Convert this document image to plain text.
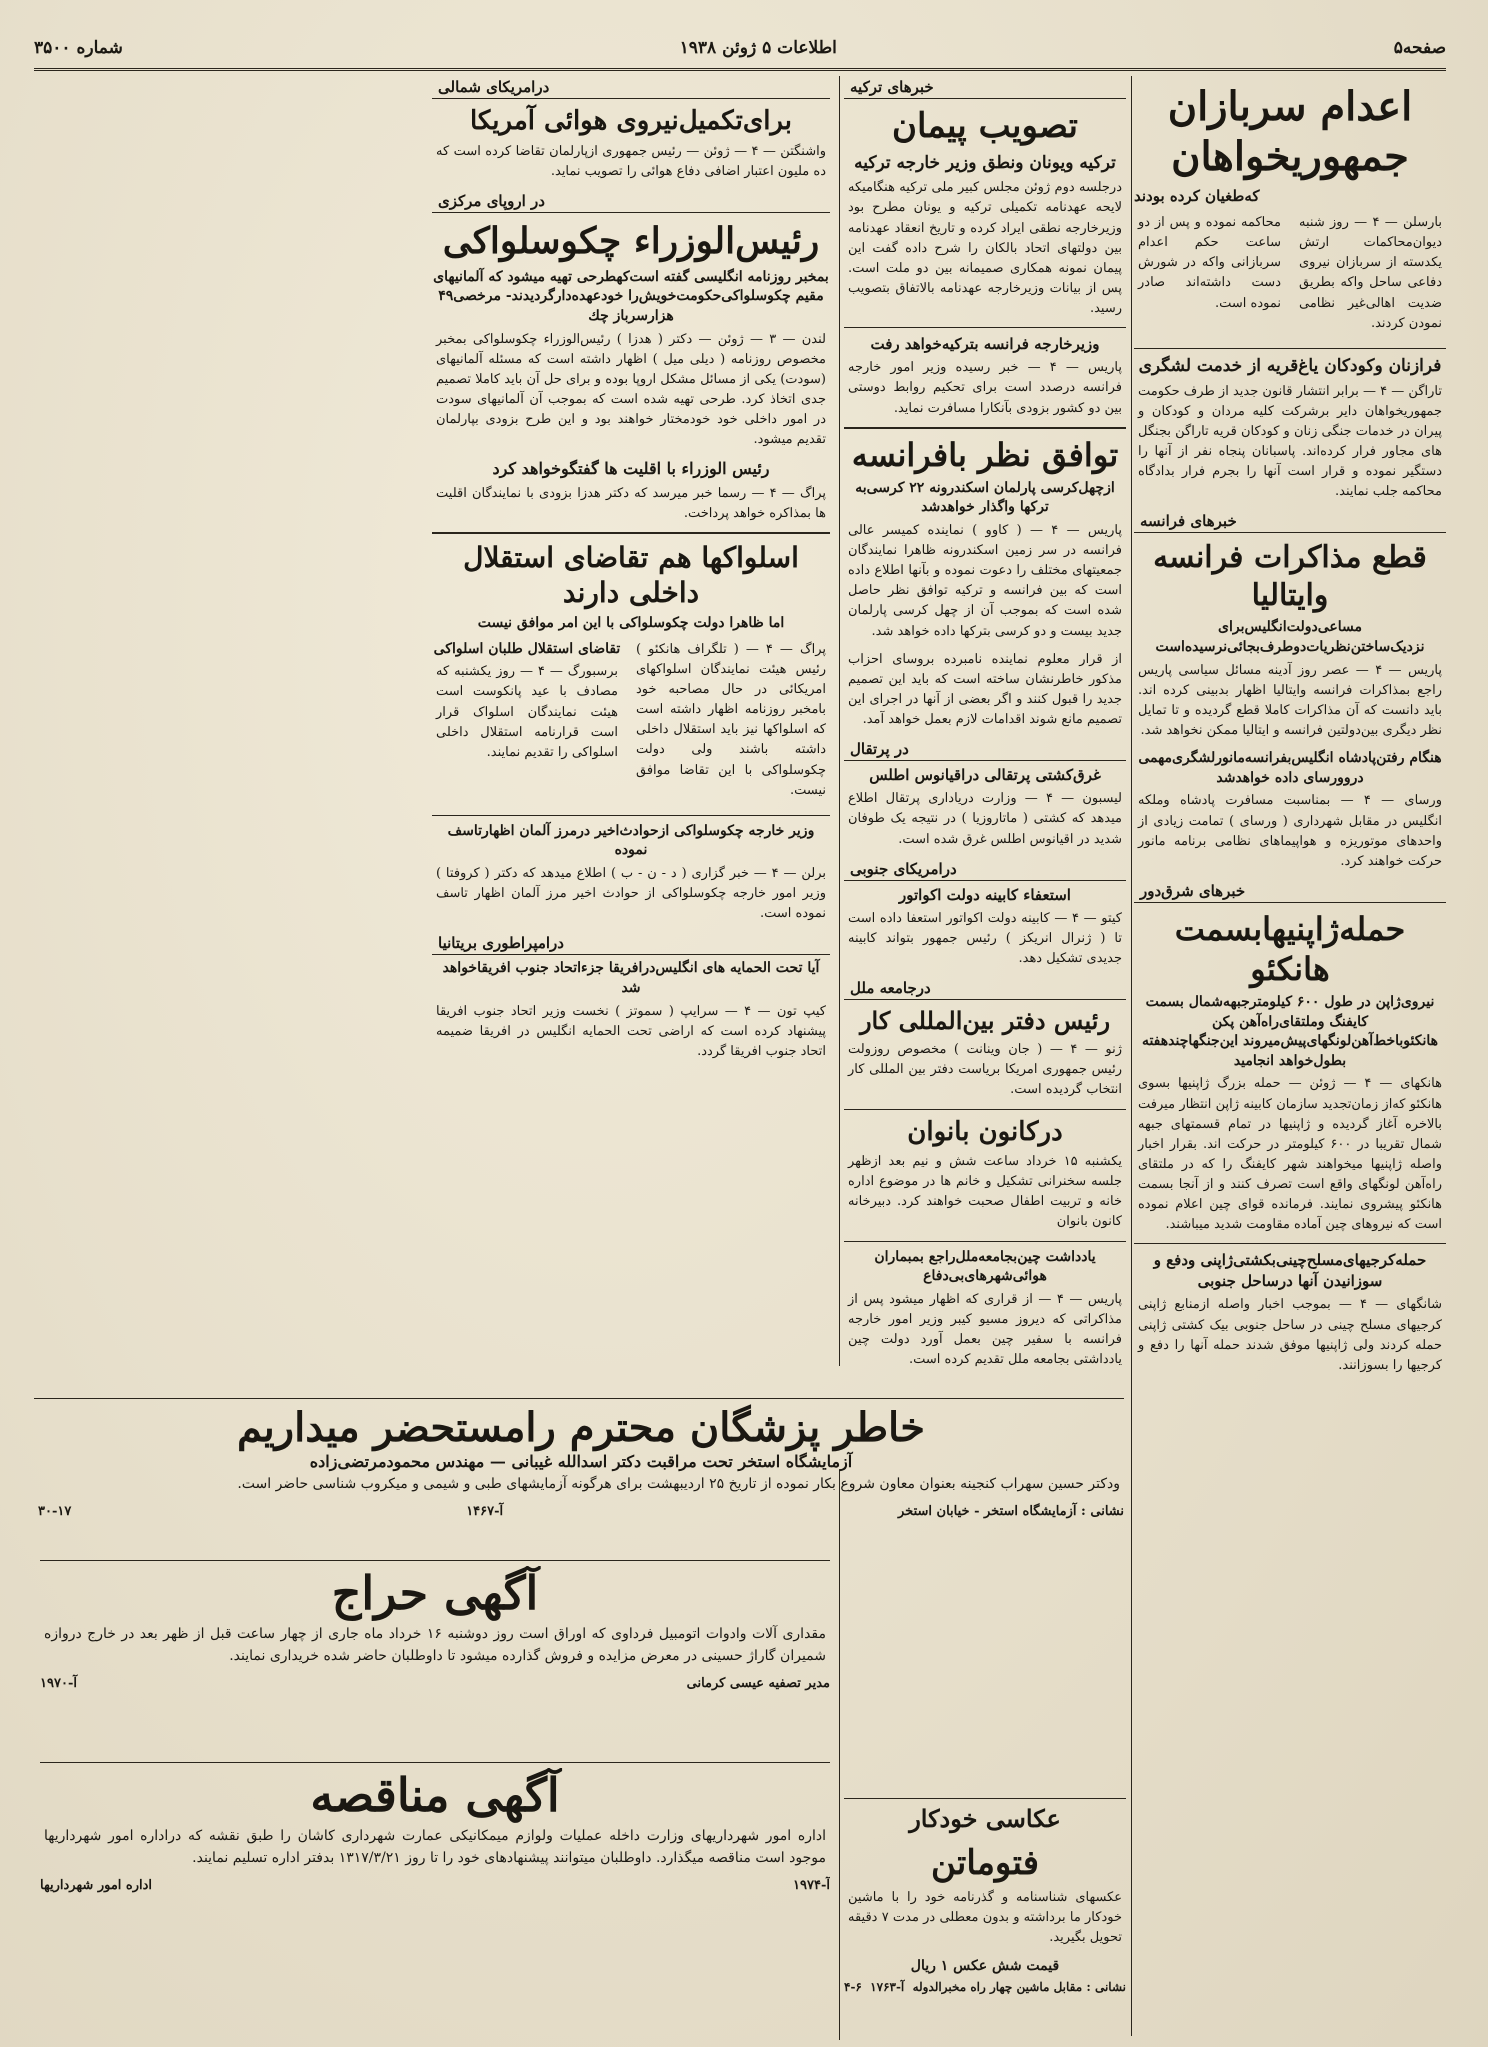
صفحه۵
اطلاعات ۵ ژوئن ۱۹۳۸
شماره ۳۵۰۰
اعدام سربازان جمهوریخواهان
که‌طغیان کرده بودند
بارسلن — ۴ — روز شنبه دیوان‌محاکمات ارتش یکدسته از سربازان نیروی دفاعی ساحل واکه بطریق ضدیت اهالی‌غیر نظامی نمودن کردند.
محاکمه نموده و پس از دو ساعت حکم اعدام سربازانی واکه در شورش دست داشته‌اند صادر نموده است.
فرازنان وکودکان یاغ‌قریه از خدمت لشگری
تاراگن — ۴ — برابر انتشار قانون جدید از طرف حکومت جمهوریخواهان دایر برشرکت کلیه مردان و کودکان و پیران در خدمات جنگی زنان و کودکان قریه تاراگن بجنگل های مجاور فرار کرده‌اند. پاسبانان پنجاه نفر از آنها را دستگیر نموده و قرار است آنها را بجرم فرار بدادگاه محاکمه جلب نمایند.
خبرهای فرانسه
قطع مذاکرات فرانسه وایتالیا
مساعی‌دولت‌انگلیس‌برای نزدیک‌ساختن‌نظریات‌دوطرف‌بجائی‌نرسیده‌است
پاریس — ۴ — عصر روز آدینه مسائل سیاسی پاریس راجع بمذاکرات فرانسه وایتالیا اظهار بدبینی کرده اند. باید دانست که آن مذاکرات کاملا قطع گردیده و تا تمایل نظر دیگری بین‌دولتین فرانسه و ایتالیا ممکن نخواهد شد.
هنگام رفتن‌پادشاه انگلیس‌بفرانسه‌مانورلشگری‌مهمی دروورسای داده خواهدشد
ورسای — ۴ — بمناسبت مسافرت پادشاه وملکه انگلیس در مقابل شهرداری ( ورسای ) تمامت زیادی از واحدهای موتوریزه و هواپیماهای نظامی برنامه مانور حرکت خواهند کرد.
خبرهای شرق‌دور
حمله‌ژاپنیهابسمت هانکئو
نیروی‌ژاپن در طول ۶۰۰ کیلومترجبهه‌شمال بسمت کایفنگ وملتقای‌راه‌آهن پکن هانکئو‌باخط‌آهن‌لونگهای‌پیش‌میروند این‌جنگها‌چندهفته بطول‌خواهد انجامید
هانکهای — ۴ — ژوئن — حمله بزرگ ژاپنیها بسوی هانکئو که‌از زمان‌تجدید سازمان کابینه ژاپن انتظار میرفت بالاخره آغاز گردیده و ژاپنیها در تمام قسمتهای جبهه شمال تقریبا در ۶۰۰ کیلومتر در حرکت اند. بقرار اخبار واصله ژاپنیها میخواهند شهر کایفنگ را که در ملتقای راه‌آهن لونگهای واقع است تصرف کنند و از آنجا بسمت هانکئو پیشروی نمایند. فرمانده قوای چین اعلام نموده است که نیروهای چین آماده مقاومت شدید میباشند.
حمله‌کرجیهای‌مسلح‌چینی‌بکشتی‌ژاپنی ودفع و سوزانیدن آنها درساحل جنوبی
شانگهای — ۴ — بموجب اخبار واصله ازمنابع ژاپنی کرجیهای مسلح چینی در ساحل جنوبی بیک کشتی ژاپنی حمله کردند ولی ژاپنیها موفق شدند حمله آنها را دفع و کرجیها را بسوزانند.
خبرهای ترکیه
تصویب پیمان
ترکیه ویونان ونطق وزیر خارجه ترکیه
درجلسه دوم ژوئن مجلس کبیر ملی ترکیه هنگامیکه لایحه عهدنامه تکمیلی ترکیه و یونان مطرح بود وزیرخارجه نطقی ایراد کرده و تاریخ انعقاد عهدنامه بین دولتهای اتحاد بالکان را شرح داده گفت این پیمان نمونه همکاری صمیمانه بین دو ملت است. پس از بیانات وزیرخارجه عهدنامه بالاتفاق بتصویب رسید.
وزیرخارجه فرانسه بترکیه‌خواهد رفت
پاریس — ۴ — خبر رسیده وزیر امور خارجه فرانسه درصدد است برای تحکیم روابط دوستی بین دو کشور بزودی بآنکارا مسافرت نماید.
توافق نظر بافرانسه
ازچهل‌کرسی پارلمان اسکندرونه ۲۲ کرسی‌به ترکها واگذار خواهدشد
پاریس — ۴ — ( کاوو ) نماینده کمیسر عالی فرانسه در سر زمین اسکندرونه ظاهرا نمایندگان جمعیتهای مختلف را دعوت نموده و بآنها اطلاع داده است که بین فرانسه و ترکیه توافق نظر حاصل شده است که بموجب آن از چهل کرسی پارلمان جدید بیست و دو کرسی بترکها داده خواهد شد.
از قرار معلوم نماینده نامبرده بروسای احزاب مذکور خاطرنشان ساخته است که باید این تصمیم جدید را قبول کنند و اگر بعضی از آنها در اجرای این تصمیم مانع شوند اقدامات لازم بعمل خواهد آمد.
در پرتقال
غرق‌کشتی پرتقالی دراقیانوس اطلس
لیسبون — ۴ — وزارت دریاداری پرتقال اطلاع میدهد که کشتی ( ماتاروزیا ) در نتیجه یک طوفان شدید در اقیانوس اطلس غرق شده است.
درامریکای جنوبی
استعفاء کابینه دولت اکواتور
کیتو — ۴ — کابینه دولت اکواتور استعفا داده است تا ( ژنرال انریکز ) رئیس جمهور بتواند کابینه جدیدی تشکیل دهد.
درجامعه ملل
رئیس دفتر بین‌المللی کار
ژنو — ۴ — ( جان وینانت ) مخصوص روزولت رئیس جمهوری امریکا بریاست دفتر بین المللی کار انتخاب گردیده است.
درکانون بانوان
یکشنبه ۱۵ خرداد ساعت شش و نیم بعد ازظهر جلسه سخنرانی تشکیل و خانم ها در موضوع اداره خانه و تربیت اطفال صحبت خواهند کرد. دبیرخانه کانون بانوان
یادداشت چین‌بجامعه‌ملل‌راجع بمبماران هوائی‌شهرهای‌بی‌دفاع
پاریس — ۴ — از قراری که اظهار میشود پس از مذاکراتی که دیروز مسیو کیبر وزیر امور خارجه فرانسه با سفیر چین بعمل آورد دولت چین یادداشتی بجامعه ملل تقدیم کرده است.
درامریکای شمالی
برای‌تکمیل‌نیروی هوائی آمریکا
واشنگتن — ۴ — ژوئن — رئیس جمهوری ازپارلمان تقاضا کرده است که ده ملیون اعتبار اضافی دفاع هوائی را تصویب نماید.
در اروپای مرکزی
رئیس‌الوزراء چکوسلواکی
بمخبر روزنامه انگلیسی گفته است‌کهطرحی تهیه میشود که آلمانیهای مقیم چکوسلواکی‌حکومت‌خویش‌را خودعهده‌دارگردیدند- مرخصی۴۹ هزارسرباز چك
لندن — ۳ — ژوئن — دکتر ( هدزا ) رئیس‌الوزراء چکوسلواکی بمخبر مخصوص روزنامه ( دیلی میل ) اظهار داشته است که مسئله آلمانیهای (سودت) یکی از مسائل مشکل اروپا بوده و برای حل آن باید کاملا تصمیم جدی اتخاذ کرد. طرحی تهیه شده است که بموجب آن آلمانیهای سودت در امور داخلی خود خودمختار خواهند بود و این طرح بزودی بپارلمان تقدیم میشود.
رئیس الوزراء با اقلیت ها گفتگوخواهد کرد
پراگ — ۴ — رسما خبر میرسد که دکتر هدزا بزودی با نمایندگان اقلیت ها بمذاکره خواهد پرداخت.
اسلواکها هم تقاضای استقلال داخلی دارند
اما ظاهرا دولت چکوسلواکی با این امر موافق نیست
پراگ — ۴ — ( تلگراف هانکئو ) رئیس هیئت نمایندگان اسلواکهای امریکائی در حال مصاحبه خود بامخبر روزنامه اظهار داشته است که اسلواکها نیز باید استقلال داخلی داشته باشند ولی دولت چکوسلواکی با این تقاضا موافق نیست.
تقاضای استقلال طلبان اسلواکی
برسبورگ — ۴ — روز یکشنبه که مصادف با عید پانکوست است هیئت نمایندگان اسلواک قرار است قرارنامه استقلال داخلی اسلواکی را تقدیم نمایند.
وزیر خارجه چکوسلواکی ازحوادث‌اخیر درمرز آلمان اظهارتاسف نموده
برلن — ۴ — خبر گزاری ( د - ن - ب ) اطلاع میدهد که دکتر ( کروفتا ) وزیر امور خارجه چکوسلواکی از حوادث اخیر مرز آلمان اظهار تاسف نموده است.
درامپراطوری بریتانیا
آیا تحت الحمایه های انگلیس‌درافریقا جزءاتحاد جنوب افریقاخواهد شد
کیپ تون — ۴ — سرایپ ( سموتز ) نخست وزیر اتحاد جنوب افریقا پیشنهاد کرده است که اراضی تحت الحمایه انگلیس در افریقا ضمیمه اتحاد جنوب افریقا گردد.
خاطر پزشگان محترم رامستحضر میداریم
آزمایشگاه استخر تحت مراقبت دکتر اسدالله غیبانی — مهندس محمودمرتضی‌زاده
ودکتر حسین سهراب کنجینه بعنوان معاون شروع بکار نموده از تاریخ ۲۵ اردیبهشت برای هرگونه آزمایشهای طبی و شیمی و میکروب شناسی حاضر است.
نشانی : آزمایشگاه استخر - خیابان استخر
آ-۱۴۶۷
۳۰-۱۷
آگهی حراج
مقداری آلات وادوات اتومبیل فرداوی که اوراق است روز دوشنبه ۱۶ خرداد ماه جاری از چهار ساعت قبل از ظهر بعد در خارج دروازه شمیران گاراژ حسینی در معرض مزایده و فروش گذارده میشود تا داوطلبان حاضر شده خریداری نمایند.
مدیر تصفیه عیسی کرمانی
آ-۱۹۷۰
آگهی مناقصه
اداره امور شهرداریهای وزارت داخله عملیات ولوازم میمکانیکی عمارت شهرداری کاشان را طبق نقشه که دراداره امور شهرداریها موجود است مناقصه میگذارد. داوطلبان میتوانند پیشنهادهای خود را تا روز ۱۳۱۷/۳/۲۱ بدفتر اداره تسلیم نمایند.
آ-۱۹۷۴
اداره امور شهرداریها
عکاسی خودکار
فتوماتن
عکسهای شناسنامه و گذرنامه خود را با ماشین خودکار ما برداشته و بدون معطلی در مدت ۷ دقیقه تحویل بگیرید.
قیمت شش عکس ۱ ریال
نشانی : مقابل ماشین چهار راه مخبرالدوله
آ-۱۷۶۳
۴-۶
